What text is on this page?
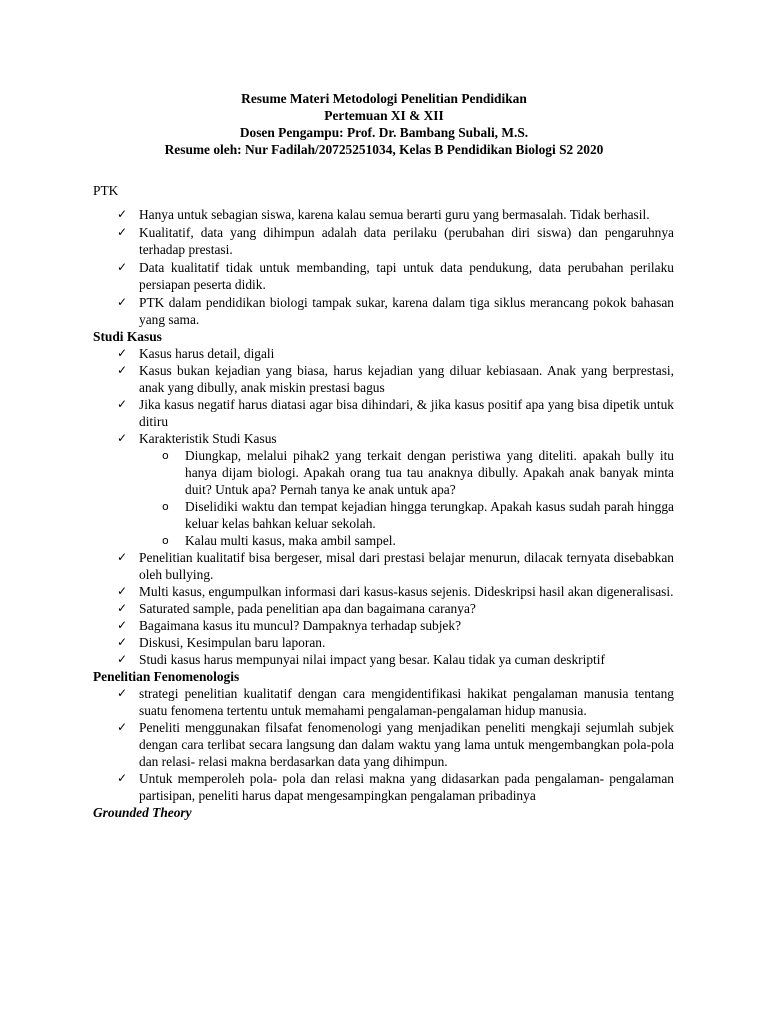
Resume Materi Metodologi Penelitian Pendidikan
Pertemuan XI & XII
Dosen Pengampu: Prof. Dr. Bambang Subali, M.S.
Resume oleh: Nur Fadilah/20725251034, Kelas B Pendidikan Biologi S2 2020
PTK
✓ Hanya untuk sebagian siswa, karena kalau semua berarti guru yang bermasalah. Tidak berhasil.
✓ Kualitatif, data yang dihimpun adalah data perilaku (perubahan diri siswa) dan pengaruhnya terhadap prestasi.
✓ Data kualitatif tidak untuk membanding, tapi untuk data pendukung, data perubahan perilaku persiapan peserta didik.
✓ PTK dalam pendidikan biologi tampak sukar, karena dalam tiga siklus merancang pokok bahasan yang sama.
Studi Kasus
✓ Kasus harus detail, digali
✓ Kasus bukan kejadian yang biasa, harus kejadian yang diluar kebiasaan. Anak yang berprestasi, anak yang dibully, anak miskin prestasi bagus
✓ Jika kasus negatif harus diatasi agar bisa dihindari, & jika kasus positif apa yang bisa dipetik untuk ditiru
✓ Karakteristik Studi Kasus
o Diungkap, melalui pihak2 yang terkait dengan peristiwa yang diteliti. apakah bully itu hanya dijam biologi. Apakah orang tua tau anaknya dibully. Apakah anak banyak minta duit? Untuk apa? Pernah tanya ke anak untuk apa?
o Diselidiki waktu dan tempat kejadian hingga terungkap. Apakah kasus sudah parah hingga keluar kelas bahkan keluar sekolah.
o Kalau multi kasus, maka ambil sampel.
✓ Penelitian kualitatif bisa bergeser, misal dari prestasi belajar menurun, dilacak ternyata disebabkan oleh bullying.
✓ Multi kasus, engumpulkan informasi dari kasus-kasus sejenis. Dideskripsi hasil akan digeneralisasi.
✓ Saturated sample, pada penelitian apa dan bagaimana caranya?
✓ Bagaimana kasus itu muncul? Dampaknya terhadap subjek?
✓ Diskusi, Kesimpulan baru laporan.
✓ Studi kasus harus mempunyai nilai impact yang besar. Kalau tidak ya cuman deskriptif
Penelitian Fenomenologis
✓ strategi penelitian kualitatif dengan cara mengidentifikasi hakikat pengalaman manusia tentang suatu fenomena tertentu untuk memahami pengalaman-pengalaman hidup manusia.
✓ Peneliti menggunakan filsafat fenomenologi yang menjadikan peneliti mengkaji sejumlah subjek dengan cara terlibat secara langsung dan dalam waktu yang lama untuk mengembangkan pola-pola dan relasi- relasi makna berdasarkan data yang dihimpun.
✓ Untuk memperoleh pola- pola dan relasi makna yang didasarkan pada pengalaman- pengalaman partisipan, peneliti harus dapat mengesampingkan pengalaman pribadinya
Grounded Theory
